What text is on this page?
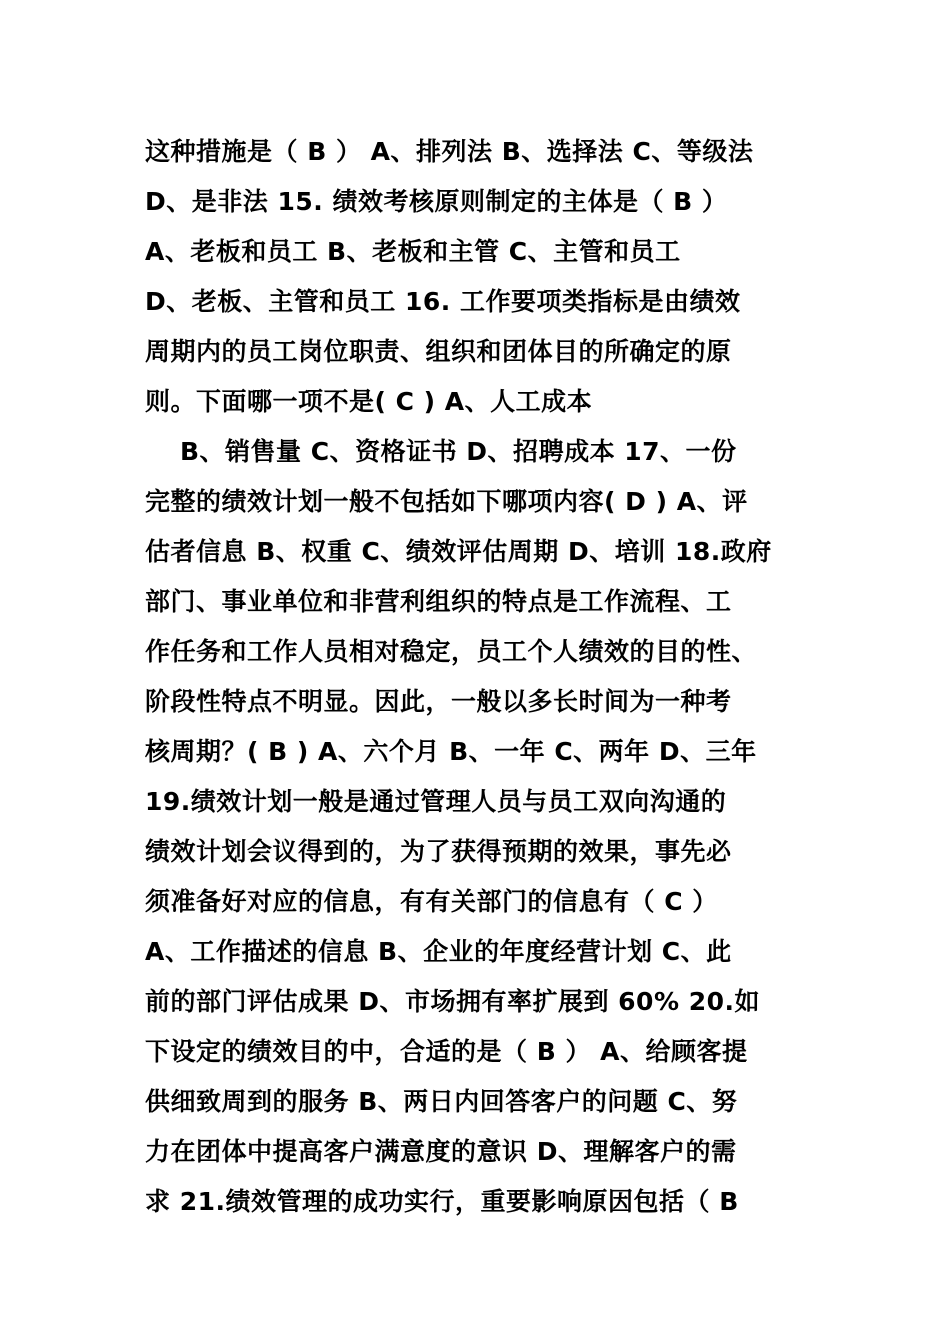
这种措施是（ B ） A、排列法 B、选择法 C、等级法
D、是非法 15. 绩效考核原则制定的主体是（ B ）
A、老板和员工 B、老板和主管 C、主管和员工
D、老板、主管和员工 16. 工作要项类指标是由绩效
周期内的员工岗位职责、组织和团体目的所确定的原
则。下面哪一项不是( C ) A、人工成本
B、销售量 C、资格证书 D、招聘成本 17、一份
完整的绩效计划一般不包括如下哪项内容( D ) A、评
估者信息 B、权重 C、绩效评估周期 D、培训 18.政府
部门、事业单位和非营利组织的特点是工作流程、工
作任务和工作人员相对稳定，员工个人绩效的目的性、
阶段性特点不明显。因此，一般以多长时间为一种考
核周期？( B ) A、六个月 B、一年 C、两年 D、三年
19.绩效计划一般是通过管理人员与员工双向沟通的
绩效计划会议得到的，为了获得预期的效果，事先必
须准备好对应的信息，有有关部门的信息有（ C ）
A、工作描述的信息 B、企业的年度经营计划 C、此
前的部门评估成果 D、市场拥有率扩展到 60% 20.如
下设定的绩效目的中，合适的是（ B ） A、给顾客提
供细致周到的服务 B、两日内回答客户的问题 C、努
力在团体中提高客户满意度的意识 D、理解客户的需
求 21.绩效管理的成功实行，重要影响原因包括（ B
